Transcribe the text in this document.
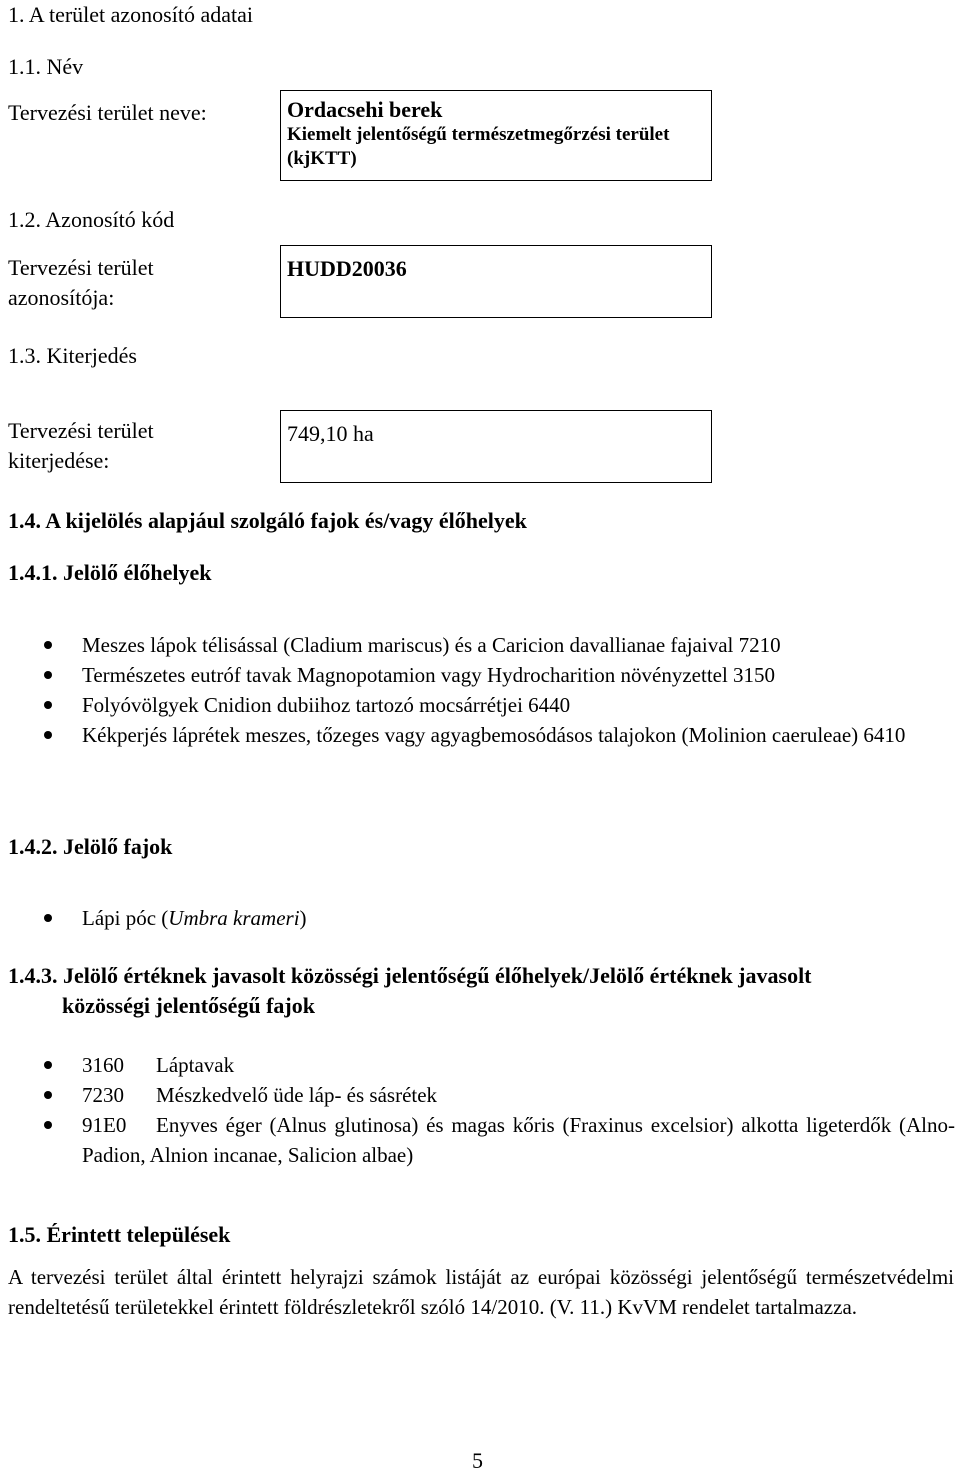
1. A terület azonosító adatai
1.1. Név
Tervezési terület neve:	Ordacsehi berek
Kiemelt jelentőségű természetmegőrzési terület (kjKTT)
1.2. Azonosító kód
Tervezési terület
azonosítója:
HUDD20036
1.3. Kiterjedés
Tervezési terület
kiterjedése:
749,10 ha
1.4. A kijelölés alapjául szolgáló fajok és/vagy élőhelyek
1.4.1. Jelölő élőhelyek
Meszes lápok télisással (Cladium mariscus) és a Caricion davallianae fajaival 7210
Természetes eutróf tavak Magnopotamion vagy Hydrocharition növényzettel 3150
Folyóvölgyek Cnidion dubiihoz tartozó mocsárrétjei 6440
Kékperjés láprétek meszes, tőzeges vagy agyagbemosódásos talajokon (Molinion caeruleae) 6410
1.4.2. Jelölő fajok
Lápi póc (Umbra krameri)
1.4.3. Jelölő értéknek javasolt közösségi jelentőségű élőhelyek/Jelölő értéknek javasolt
közösségi jelentőségű fajok
3160 Láptavak
7230 Mészkedvelő üde láp- és sásrétek
91E0 Enyves éger (Alnus glutinosa) és magas kőris (Fraxinus excelsior) alkotta ligeterdők (Alno-Padion, Alnion incanae, Salicion albae)
1.5. Érintett települések
A tervezési terület által érintett helyrajzi számok listáját az európai közösségi jelentőségű természetvédelmi rendeltetésű területekkel érintett földrészletekről szóló 14/2010. (V. 11.) KvVM rendelet tartalmazza.
5
